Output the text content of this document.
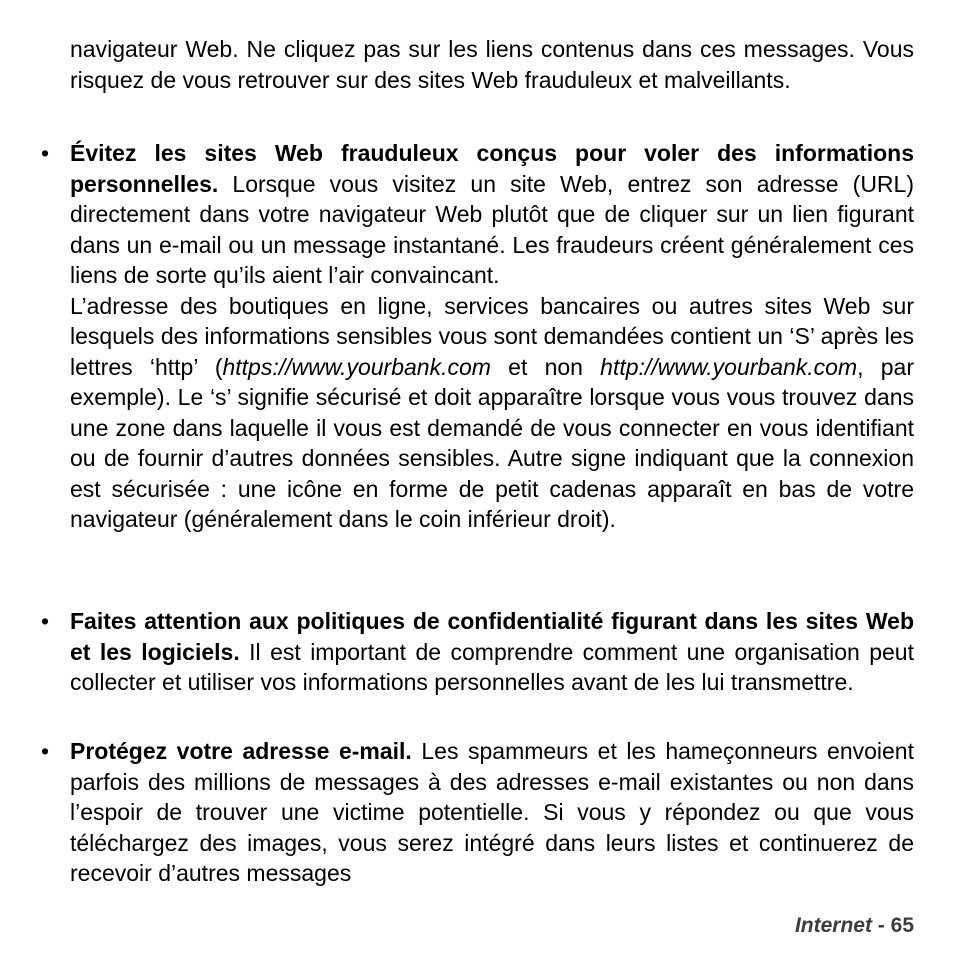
navigateur Web. Ne cliquez pas sur les liens contenus dans ces messages. Vous risquez de vous retrouver sur des sites Web frauduleux et malveillants.

• Évitez les sites Web frauduleux conçus pour voler des informations personnelles. Lorsque vous visitez un site Web, entrez son adresse (URL) directement dans votre navigateur Web plutôt que de cliquer sur un lien figurant dans un e-mail ou un message instantané. Les fraudeurs créent généralement ces liens de sorte qu’ils aient l’air convaincant.

L’adresse des boutiques en ligne, services bancaires ou autres sites Web sur lesquels des informations sensibles vous sont demandées contient un ‘S’ après les lettres ‘http’ (https://www.yourbank.com et non http://www.yourbank.com, par exemple). Le ‘s’ signifie sécurisé et doit apparaître lorsque vous vous trouvez dans une zone dans laquelle il vous est demandé de vous connecter en vous identifiant ou de fournir d’autres données sensibles. Autre signe indiquant que la connexion est sécurisée : une icône en forme de petit cadenas apparaît en bas de votre navigateur (généralement dans le coin inférieur droit).

• Faites attention aux politiques de confidentialité figurant dans les sites Web et les logiciels. Il est important de comprendre comment une organisation peut collecter et utiliser vos informations personnelles avant de les lui transmettre.

• Protégez votre adresse e-mail. Les spammeurs et les hameçonneurs envoient parfois des millions de messages à des adresses e-mail existantes ou non dans l’espoir de trouver une victime potentielle. Si vous y répondez ou que vous téléchargez des images, vous serez intégré dans leurs listes et continuerez de recevoir d’autres messages

Internet - 65
